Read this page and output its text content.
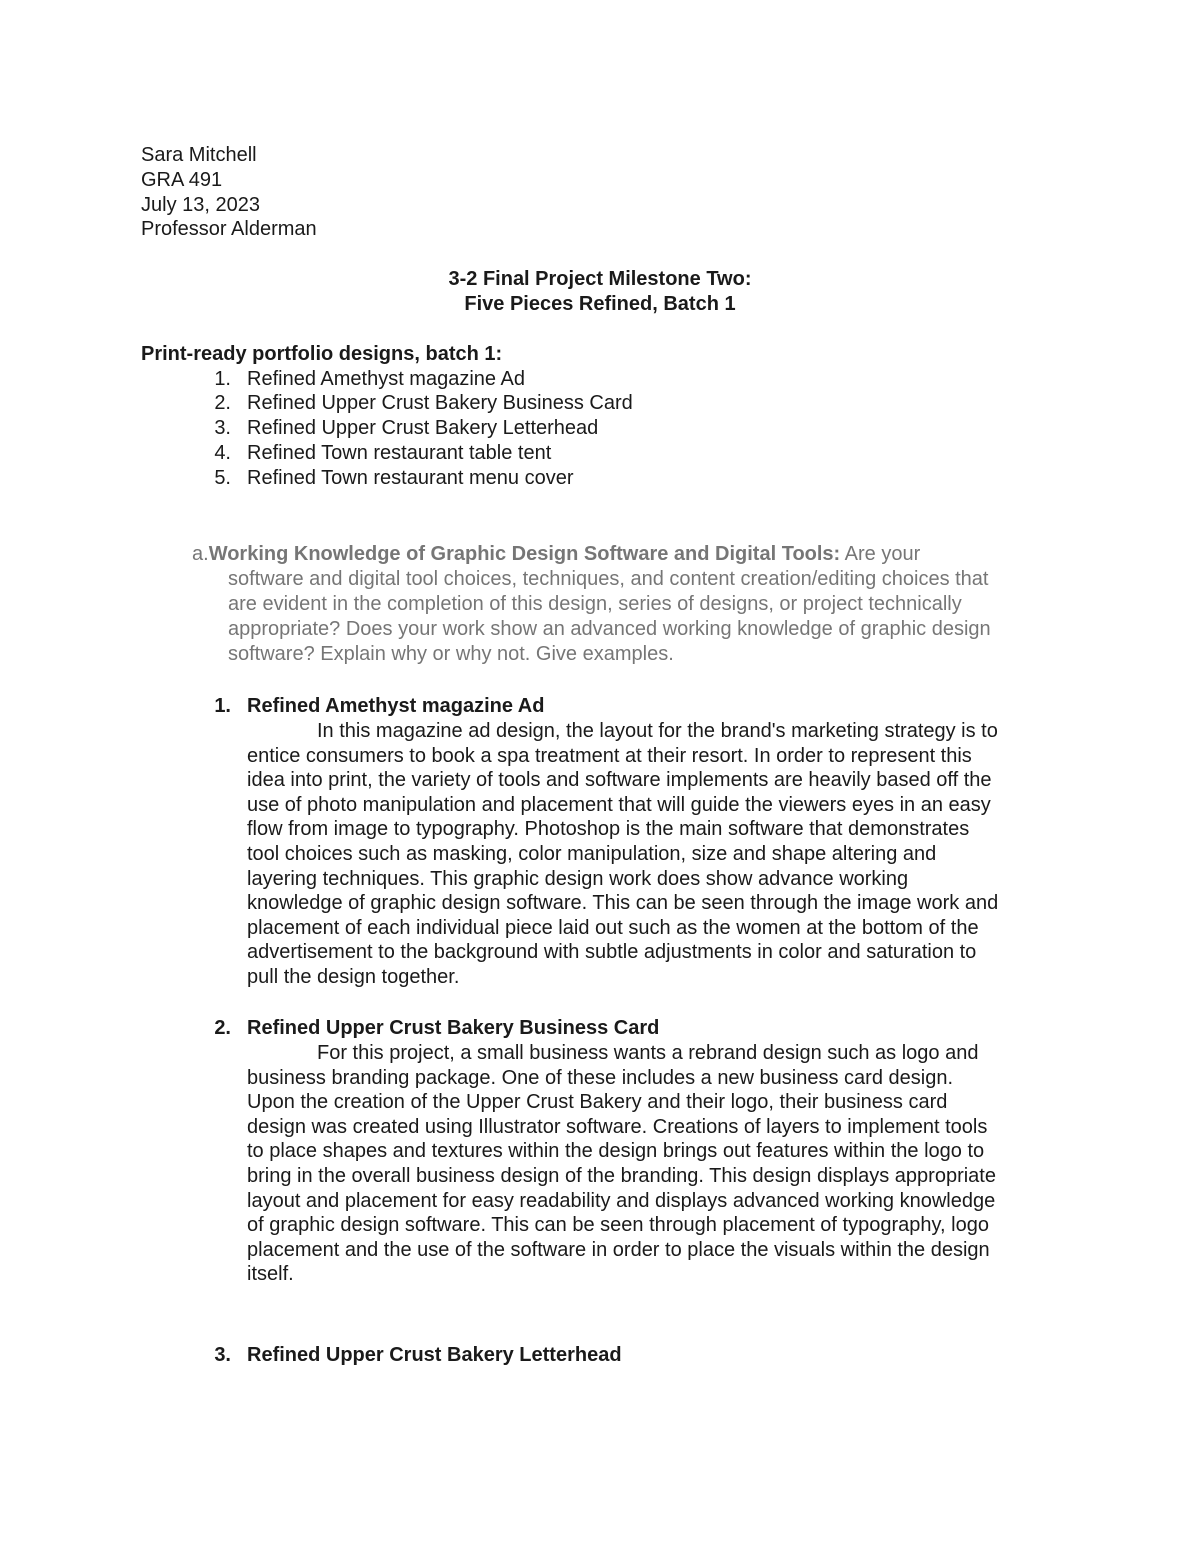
Sara Mitchell
GRA 491
July 13, 2023
Professor Alderman
3-2 Final Project Milestone Two:
Five Pieces Refined, Batch 1
Print-ready portfolio designs, batch 1:
1. Refined Amethyst magazine Ad
2. Refined Upper Crust Bakery Business Card
3. Refined Upper Crust Bakery Letterhead
4. Refined Town restaurant table tent
5. Refined Town restaurant menu cover
a.Working Knowledge of Graphic Design Software and Digital Tools: Are your
software and digital tool choices, techniques, and content creation/editing choices that
are evident in the completion of this design, series of designs, or project technically
appropriate? Does your work show an advanced working knowledge of graphic design
software? Explain why or why not. Give examples.
1. Refined Amethyst magazine Ad
In this magazine ad design, the layout for the brand's marketing strategy is to
entice consumers to book a spa treatment at their resort. In order to represent this
idea into print, the variety of tools and software implements are heavily based off the
use of photo manipulation and placement that will guide the viewers eyes in an easy
flow from image to typography. Photoshop is the main software that demonstrates
tool choices such as masking, color manipulation, size and shape altering and
layering techniques. This graphic design work does show advance working
knowledge of graphic design software. This can be seen through the image work and
placement of each individual piece laid out such as the women at the bottom of the
advertisement to the background with subtle adjustments in color and saturation to
pull the design together.
2. Refined Upper Crust Bakery Business Card
For this project, a small business wants a rebrand design such as logo and
business branding package. One of these includes a new business card design.
Upon the creation of the Upper Crust Bakery and their logo, their business card
design was created using Illustrator software. Creations of layers to implement tools
to place shapes and textures within the design brings out features within the logo to
bring in the overall business design of the branding. This design displays appropriate
layout and placement for easy readability and displays advanced working knowledge
of graphic design software. This can be seen through placement of typography, logo
placement and the use of the software in order to place the visuals within the design
itself.
3. Refined Upper Crust Bakery Letterhead
